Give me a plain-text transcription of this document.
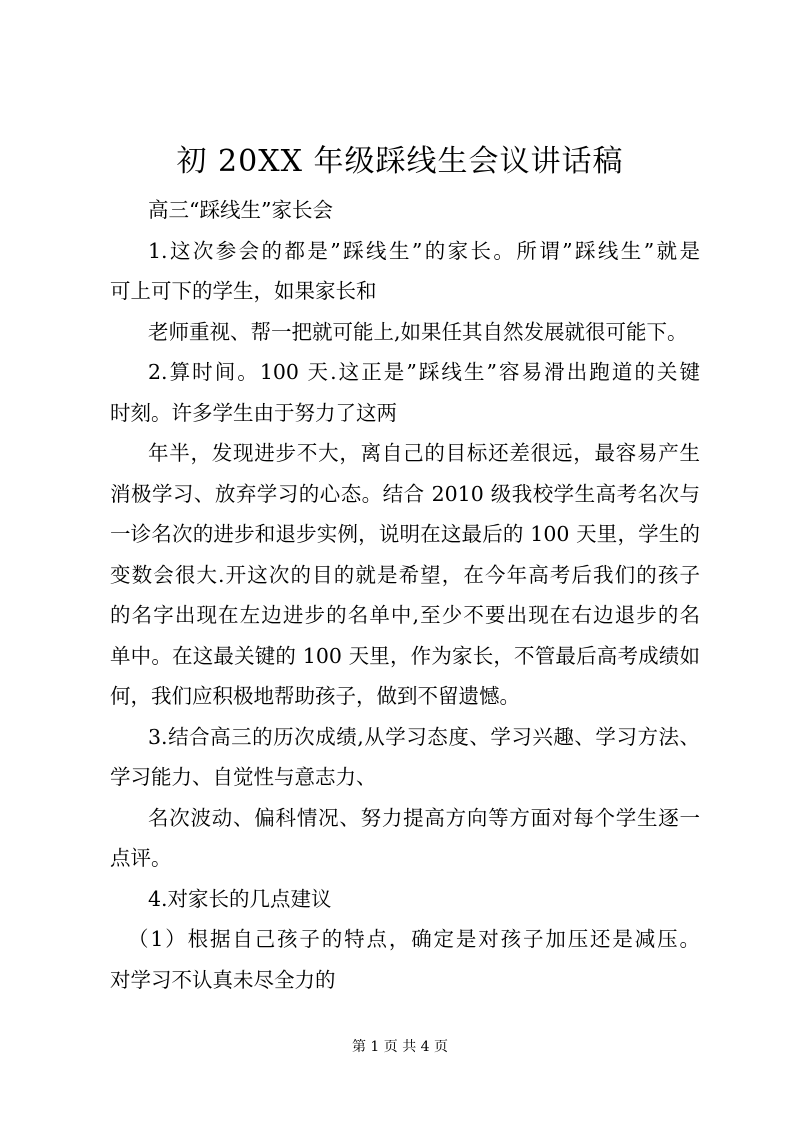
初 20XX 年级踩线生会议讲话稿

高三“踩线生”家长会

1.这次参会的都是”踩线生”的家长。所谓”踩线生”就是

可上可下的学生，如果家长和

老师重视、帮一把就可能上,如果任其自然发展就很可能下。

2.算时间。100 天.这正是”踩线生”容易滑出跑道的关键

时刻。许多学生由于努力了这两

年半，发现进步不大，离自己的目标还差很远，最容易产生

消极学习、放弃学习的心态。结合 2010 级我校学生高考名次与

一诊名次的进步和退步实例，说明在这最后的 100 天里，学生的

变数会很大.开这次的目的就是希望，在今年高考后我们的孩子

的名字出现在左边进步的名单中,至少不要出现在右边退步的名

单中。在这最关键的 100 天里，作为家长，不管最后高考成绩如

何，我们应积极地帮助孩子，做到不留遗憾。

3.结合高三的历次成绩,从学习态度、学习兴趣、学习方法、

学习能力、自觉性与意志力、

名次波动、偏科情况、努力提高方向等方面对每个学生逐一

点评。

4.对家长的几点建议

（1）根据自己孩子的特点，确定是对孩子加压还是减压。

对学习不认真未尽全力的

第 1 页 共 4 页
